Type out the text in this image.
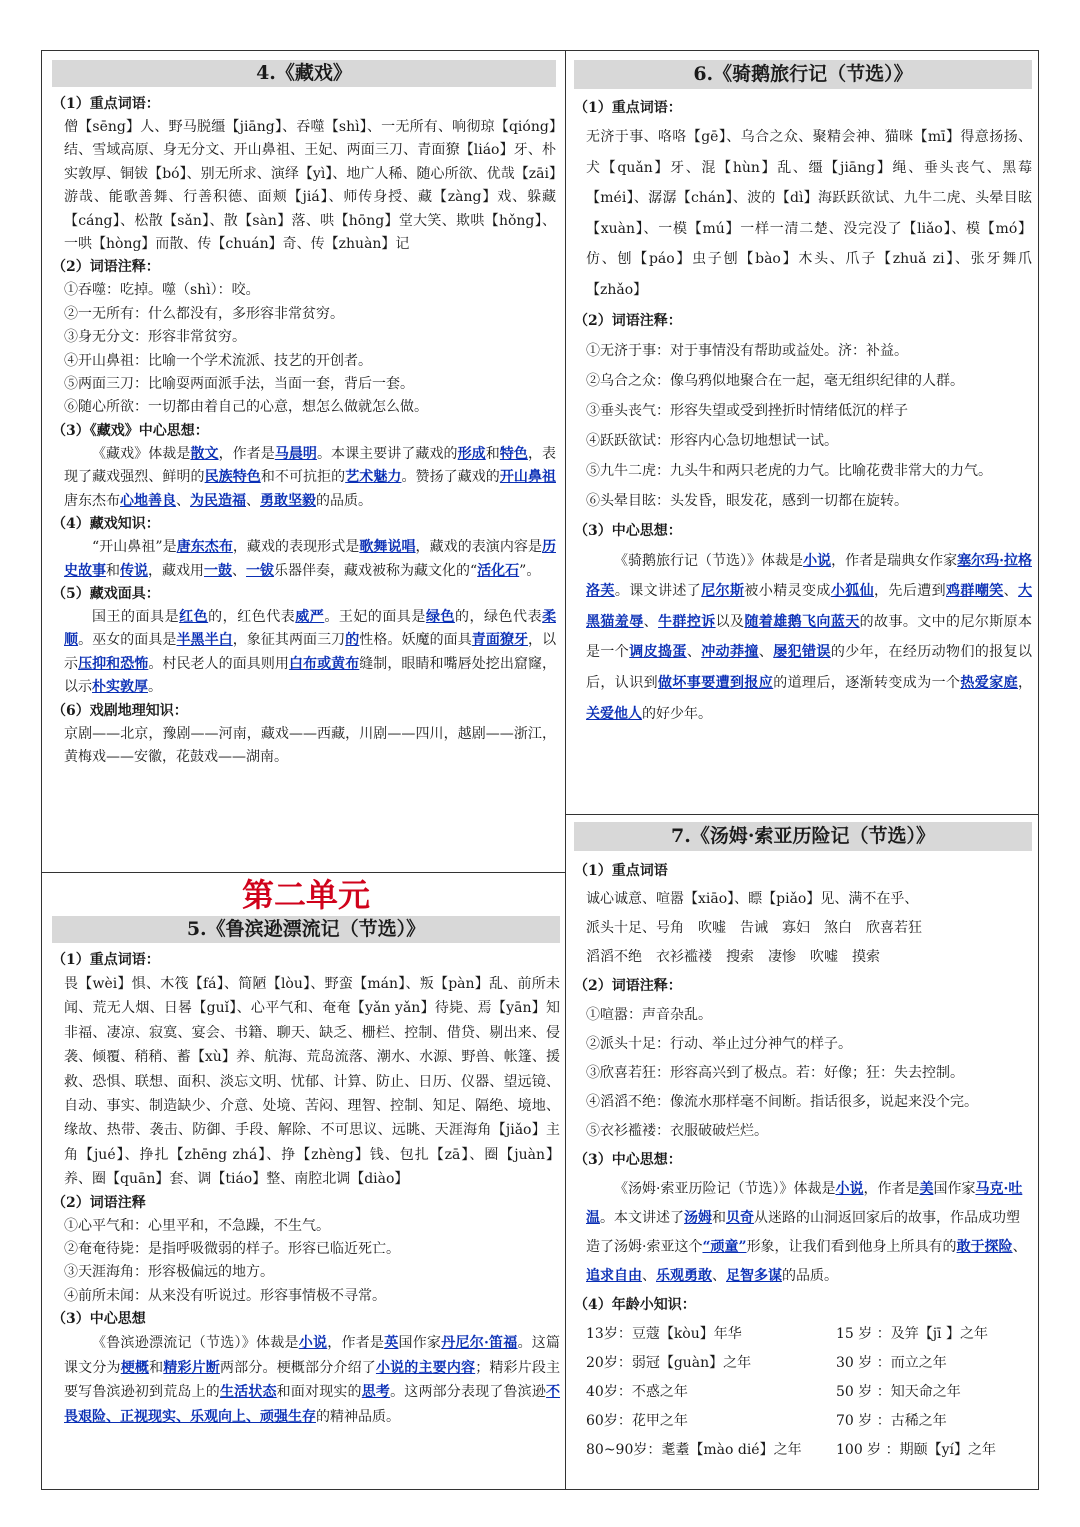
4.《藏戏》
（1）重点词语：
僧【sēng】人、野马脱缰【jiāng】、吞噬【shì】、一无所有、响彻琼【qióng】结、雪域高原、身无分文、开山鼻祖、王妃、两面三刀、青面獠【liáo】牙、朴实敦厚、铜钹【bó】、别无所求、演绎【yì】、地广人稀、随心所欲、优哉【zāi】游哉、能歌善舞、行善积德、面颊【jiá】、师传身授、藏【zàng】戏、躲藏【cáng】、松散【sǎn】、散【sàn】落、哄【hōng】堂大笑、欺哄【hǒng】、一哄【hòng】而散、传【chuán】奇、传【zhuàn】记
（2）词语注释：
①吞噬：吃掉。噬（shì）：咬。
②一无所有：什么都没有，多形容非常贫穷。
③身无分文：形容非常贫穷。
④开山鼻祖：比喻一个学术流派、技艺的开创者。
⑤两面三刀：比喻耍两面派手法，当面一套，背后一套。
⑥随心所欲：一切都由着自己的心意，想怎么做就怎么做。
（3）《藏戏》中心思想：
《藏戏》体裁是散文，作者是马晨明。本课主要讲了藏戏的形成和特色，表现了藏戏强烈、鲜明的民族特色和不可抗拒的艺术魅力。赞扬了藏戏的开山鼻祖唐东杰布心地善良、为民造福、勇敢坚毅的品质。
（4）藏戏知识：
“开山鼻祖”是唐东杰布，藏戏的表现形式是歌舞说唱，藏戏的表演内容是历史故事和传说，藏戏用一鼓、一钹乐器伴奏，藏戏被称为藏文化的“活化石”。
（5）藏戏面具：
国王的面具是红色的，红色代表威严。王妃的面具是绿色的，绿色代表柔顺。巫女的面具是半黑半白，象征其两面三刀的性格。妖魔的面具青面獠牙，以示压抑和恐怖。村民老人的面具则用白布或黄布缝制，眼睛和嘴唇处挖出窟窿，以示朴实敦厚。
（6）戏剧地理知识：
京剧——北京，豫剧——河南，藏戏——西藏，川剧——四川，越剧——浙江，黄梅戏——安徽，花鼓戏——湖南。
第二单元
5.《鲁滨逊漂流记（节选）》
（1）重点词语：
畏【wèi】惧、木筏【fá】、简陋【lòu】、野蛮【mán】、叛【pàn】乱、前所未闻、荒无人烟、日晷【guǐ】、心平气和、奄奄【yǎn yǎn】待毙、焉【yān】知非福、凄凉、寂寞、宴会、书籍、聊天、缺乏、栅栏、控制、借贷、剔出来、侵袭、倾覆、稍稍、蓄【xù】养、航海、荒岛流落、潮水、水源、野兽、帐篷、援救、恐惧、联想、面积、淡忘文明、忧郁、计算、防止、日历、仪器、望远镜、自动、事实、制造缺少、介意、处境、苦闷、理智、控制、知足、隔绝、境地、缘故、热带、袭击、防御、手段、解除、不可思议、远眺、天涯海角【jiǎo】主角【jué】、挣扎【zhēng zhá】、挣【zhèng】钱、包扎【zā】、圈【juàn】养、圈【quān】套、调【tiáo】整、南腔北调【diào】
（2）词语注释
①心平气和：心里平和，不急躁，不生气。
②奄奄待毙：是指呼吸微弱的样子。形容已临近死亡。
③天涯海角：形容极偏远的地方。
④前所未闻：从来没有听说过。形容事情极不寻常。
（3）中心思想
《鲁滨逊漂流记（节选）》体裁是小说，作者是英国作家丹尼尔·笛福。这篇课文分为梗概和精彩片断两部分。梗概部分介绍了小说的主要内容；精彩片段主要写鲁滨逊初到荒岛上的生活状态和面对现实的思考。这两部分表现了鲁滨逊不畏艰险、正视现实、乐观向上、顽强生存的精神品质。
6.《骑鹅旅行记（节选）》
（1）重点词语：
无济于事、咯咯【gē】、乌合之众、聚精会神、猫咪【mī】得意扬扬、犬【quǎn】牙、混【hùn】乱、缰【jiāng】绳、垂头丧气、黑莓【méi】、潺潺【chán】、波的【dì】海跃跃欲试、九牛二虎、头晕目眩【xuàn】、一模【mú】一样一清二楚、没完没了【liǎo】、模【mó】仿、刨【páo】虫子刨【bào】木头、爪子【zhuǎ zi】、张牙舞爪【zhǎo】
（2）词语注释：
①无济于事：对于事情没有帮助或益处。济：补益。
②乌合之众：像乌鸦似地聚合在一起，毫无组织纪律的人群。
③垂头丧气：形容失望或受到挫折时情绪低沉的样子
④跃跃欲试：形容内心急切地想试一试。
⑤九牛二虎：九头牛和两只老虎的力气。比喻花费非常大的力气。
⑥头晕目眩：头发昏，眼发花，感到一切都在旋转。
（3）中心思想：
《骑鹅旅行记（节选）》体裁是小说，作者是瑞典女作家塞尔玛·拉格洛芙。课文讲述了尼尔斯被小精灵变成小狐仙，先后遭到鸡群嘲笑、大黑猫羞辱、牛群控诉以及随着雄鹅飞向蓝天的故事。文中的尼尔斯原本是一个调皮捣蛋、冲动莽撞、屡犯错误的少年，在经历动物们的报复以后，认识到做坏事要遭到报应的道理后，逐渐转变成为一个热爱家庭，关爱他人的好少年。
7.《汤姆·索亚历险记（节选）》
（1）重点词语
诚心诚意、喧嚣【xiāo】、瞟【piǎo】见、满不在乎、
派头十足、号角　吹嘘　告诫　寡妇　煞白　欣喜若狂
滔滔不绝　衣衫褴褛　搜索　凄惨　吹嘘　摸索
（2）词语注释：
①喧嚣：声音杂乱。
②派头十足：行动、举止过分神气的样子。
③欣喜若狂：形容高兴到了极点。若：好像；狂：失去控制。
④滔滔不绝：像流水那样毫不间断。指话很多，说起来没个完。
⑤衣衫褴褛：衣服破破烂烂。
（3）中心思想：
《汤姆·索亚历险记（节选）》体裁是小说，作者是美国作家马克·吐温。本文讲述了汤姆和贝奇从迷路的山洞返回家后的故事，作品成功塑造了汤姆·索亚这个“顽童”形象，让我们看到他身上所具有的敢于探险、追求自由、乐观勇敢、足智多谋的品质。
（4）年龄小知识：
13岁：豆蔻【kòu】年华	15 岁 ：及笄【jī 】之年
20岁：弱冠【guàn】之年	30 岁 ：而立之年
40岁：不惑之年	50 岁 ：知天命之年
60岁：花甲之年	70 岁 ：古稀之年
80~90岁：耄耋【mào dié】之年	100 岁 ：期颐【yí】之年
